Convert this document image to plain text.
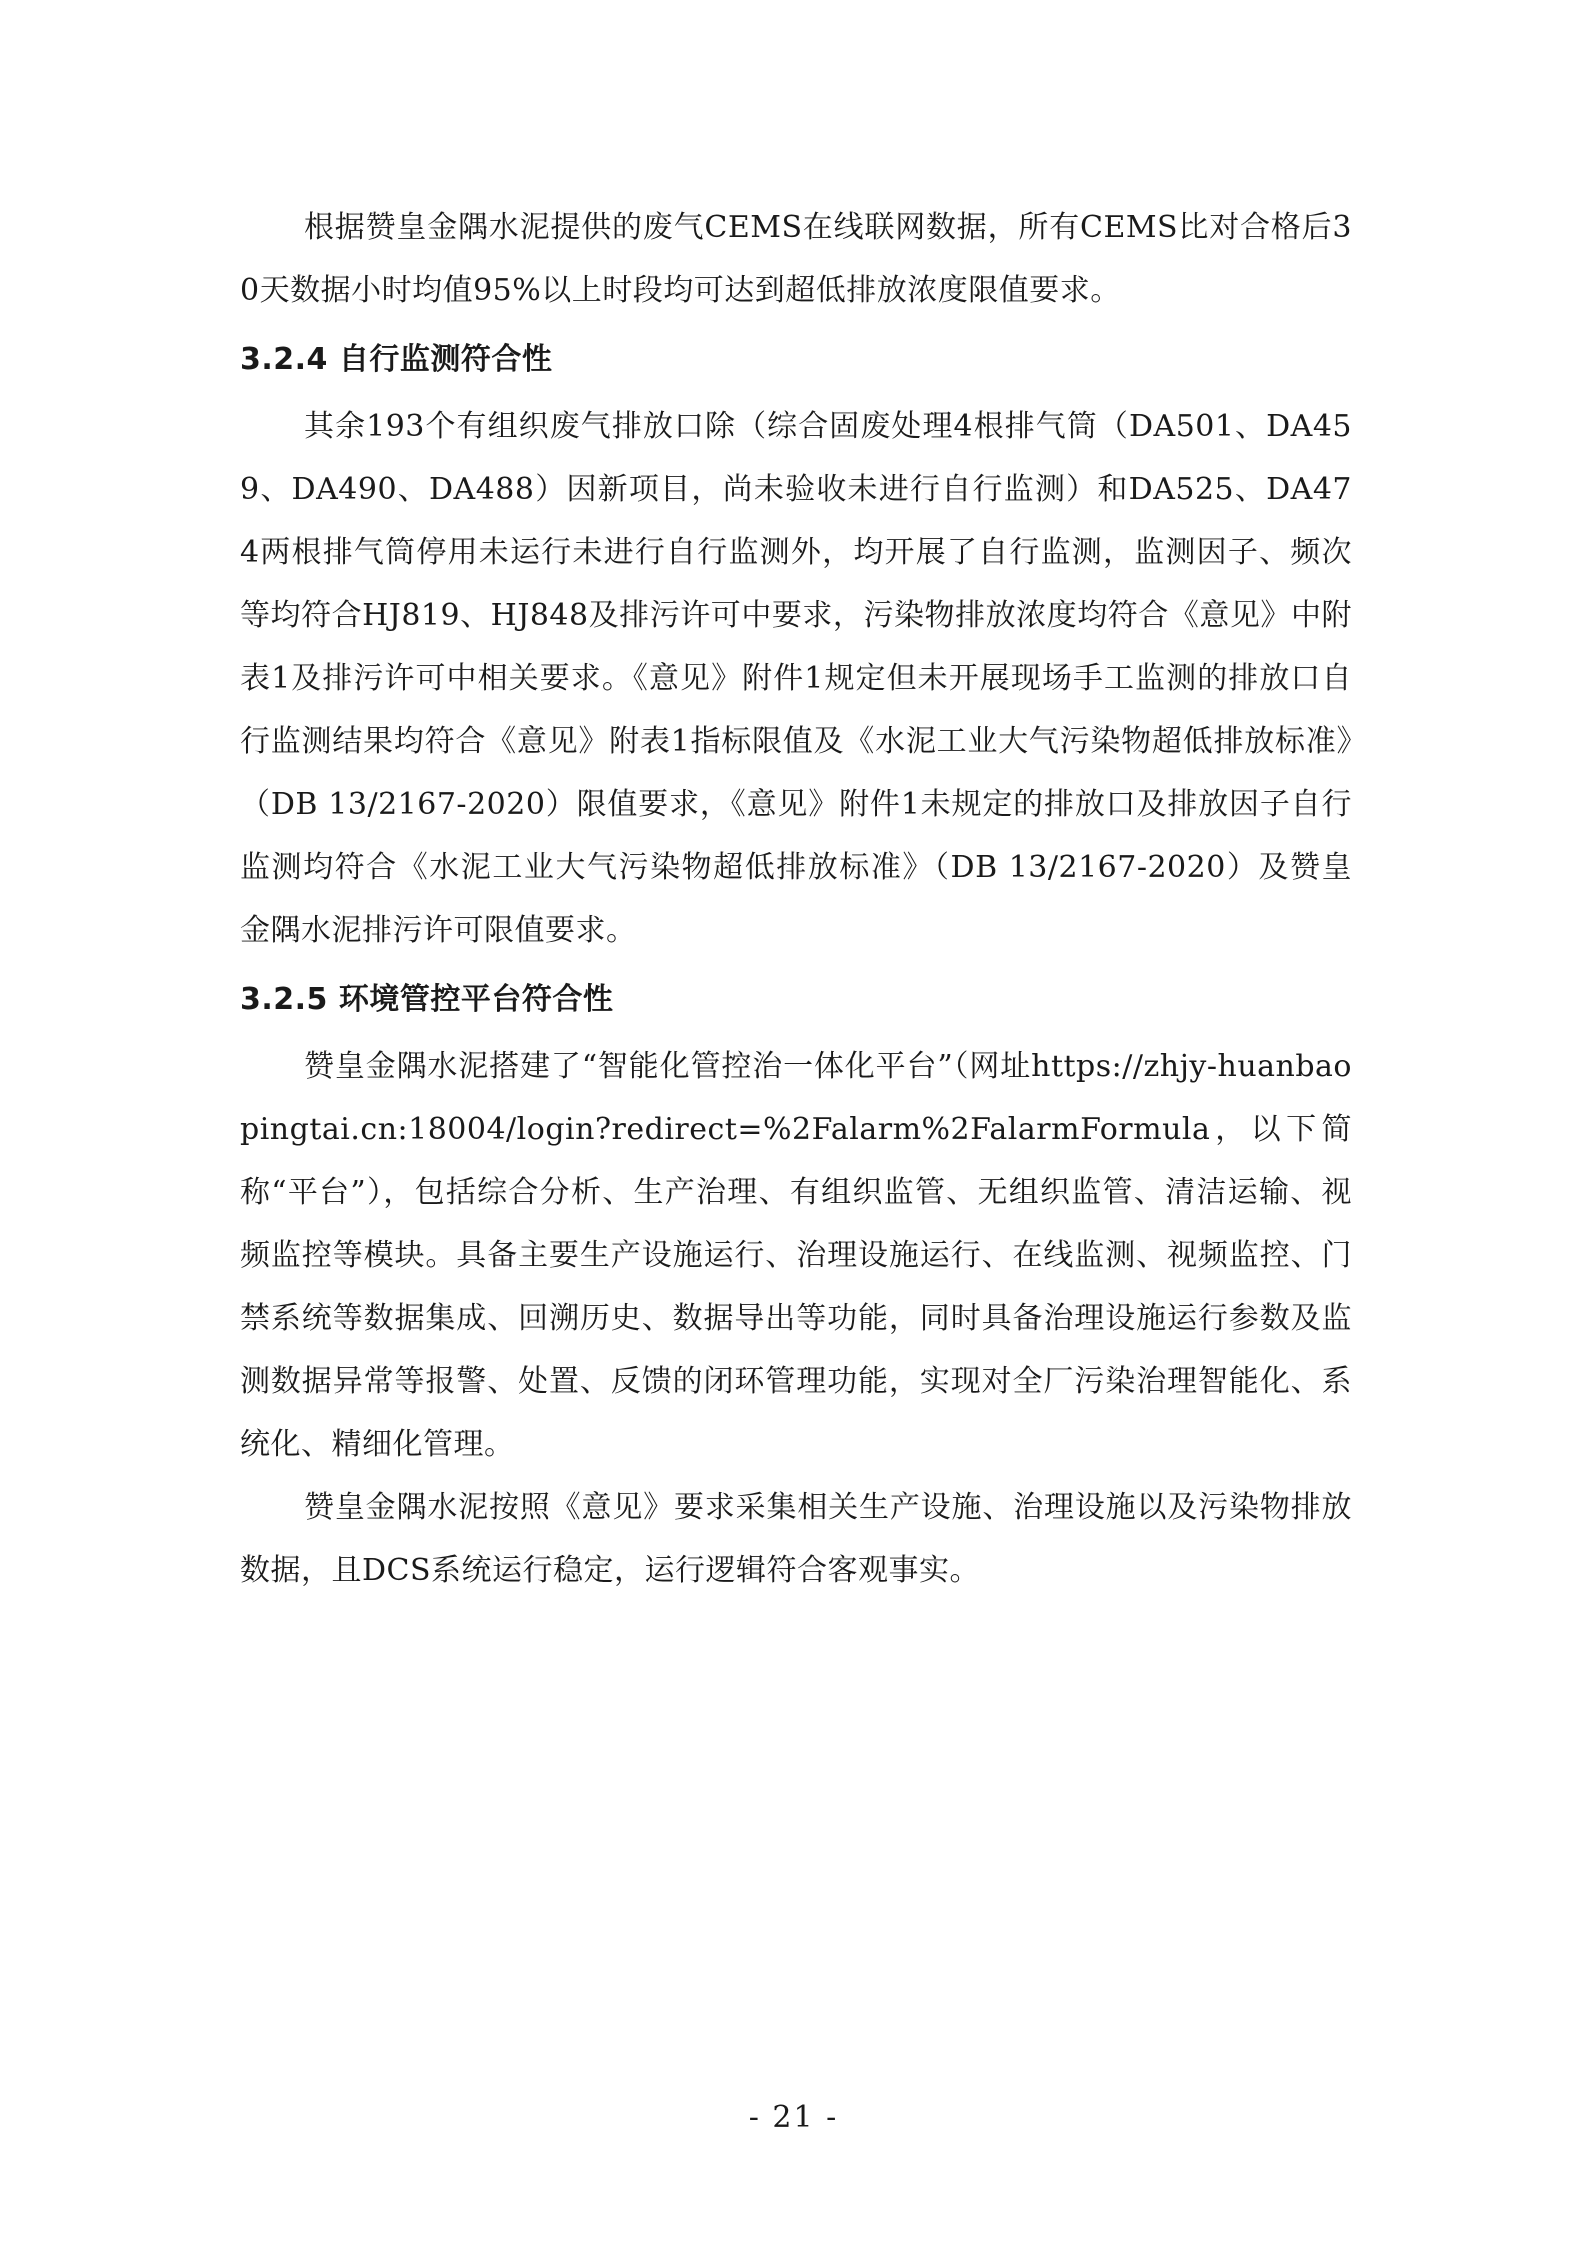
根据赞皇金隅水泥提供的废气CEMS在线联网数据，所有CEMS比对合格后30天数据小时均值95%以上时段均可达到超低排放浓度限值要求。

3.2.4 自行监测符合性

其余193个有组织废气排放口除（综合固废处理4根排气筒（DA501、DA459、DA490、DA488）因新项目，尚未验收未进行自行监测）和DA525、DA474两根排气筒停用未运行未进行自行监测外，均开展了自行监测，监测因子、频次等均符合HJ819、HJ848及排污许可中要求，污染物排放浓度均符合《意见》中附表1及排污许可中相关要求。《意见》附件1规定但未开展现场手工监测的排放口自行监测结果均符合《意见》附表1指标限值及《水泥工业大气污染物超低排放标准》（DB 13/2167-2020）限值要求，《意见》附件1未规定的排放口及排放因子自行监测均符合《水泥工业大气污染物超低排放标准》（DB 13/2167-2020）及赞皇金隅水泥排污许可限值要求。

3.2.5 环境管控平台符合性

赞皇金隅水泥搭建了“智能化管控治一体化平台”（网址https://zhjy-huanbaopingtai.cn:18004/login?redirect=%2Falarm%2FalarmFormula，以下简称“平台”），包括综合分析、生产治理、有组织监管、无组织监管、清洁运输、视频监控等模块。具备主要生产设施运行、治理设施运行、在线监测、视频监控、门禁系统等数据集成、回溯历史、数据导出等功能，同时具备治理设施运行参数及监测数据异常等报警、处置、反馈的闭环管理功能，实现对全厂污染治理智能化、系统化、精细化管理。

赞皇金隅水泥按照《意见》要求采集相关生产设施、治理设施以及污染物排放数据，且DCS系统运行稳定，运行逻辑符合客观事实。

- 21 -
